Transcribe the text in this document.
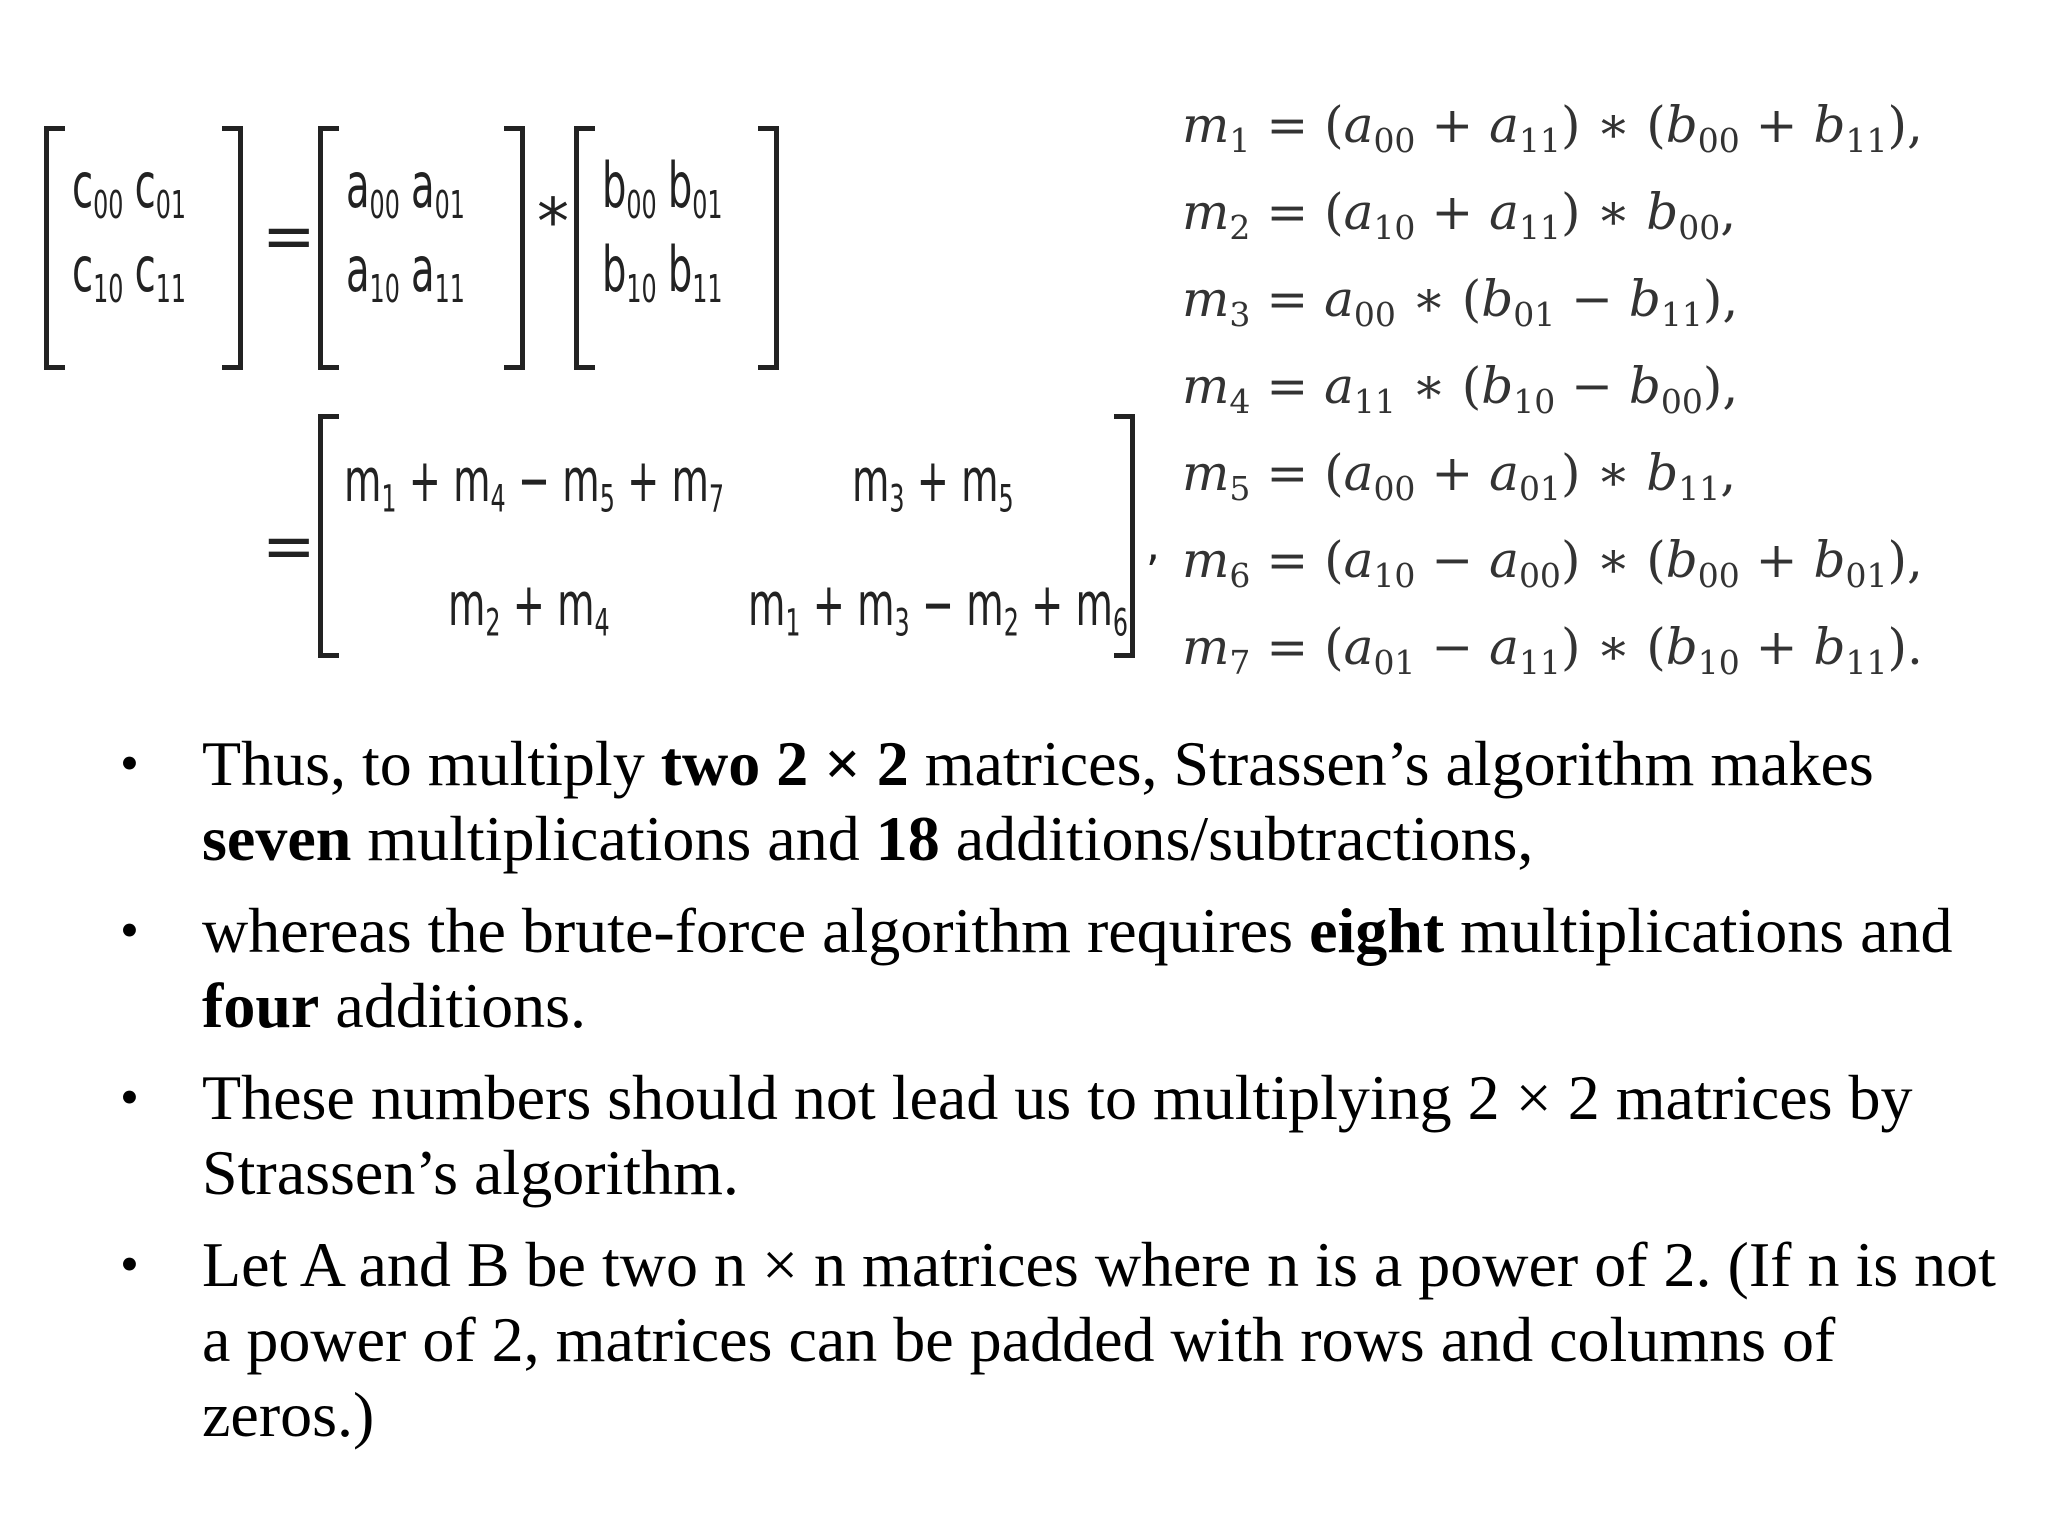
$c_{00}$ $c_{01}$
$c_{10}$ $c_{11}$
=
$a_{00}$ $a_{01}$
$a_{10}$ $a_{11}$
*
$b_{00}$ $b_{01}$
$b_{10}$ $b_{11}$
=
$m_1 + m_4 - m_5 + m_7$ $m_3 + m_5$
$m_2 + m_4$ $m_1 + m_3 - m_2 + m_6$
,
$m_1 = (a_{00} + a_{11})$ ∗ $(b_{00} + b_{11})$,
$m_2 = (a_{10} + a_{11})$ ∗ $b_{00}$,
$m_3 = a_{00}$ ∗ $(b_{01} - b_{11})$,
$m_4 = a_{11}$ ∗ $(b_{10} - b_{00})$,
$m_5 = (a_{00} + a_{01})$ ∗ $b_{11}$,
$m_6 = (a_{10} - a_{00})$ ∗ $(b_{00} + b_{01})$,
$m_7 = (a_{01} - a_{11})$ ∗ $(b_{10} + b_{11})$.
• Thus, to multiply two 2 × 2 matrices, Strassen’s algorithm makes seven multiplications and 18 additions/subtractions,
• whereas the brute-force algorithm requires eight multiplications and four additions.
• These numbers should not lead us to multiplying 2 × 2 matrices by Strassen’s algorithm.
• Let A and B be two n × n matrices where n is a power of 2. (If n is not a power of 2, matrices can be padded with rows and columns of zeros.)
